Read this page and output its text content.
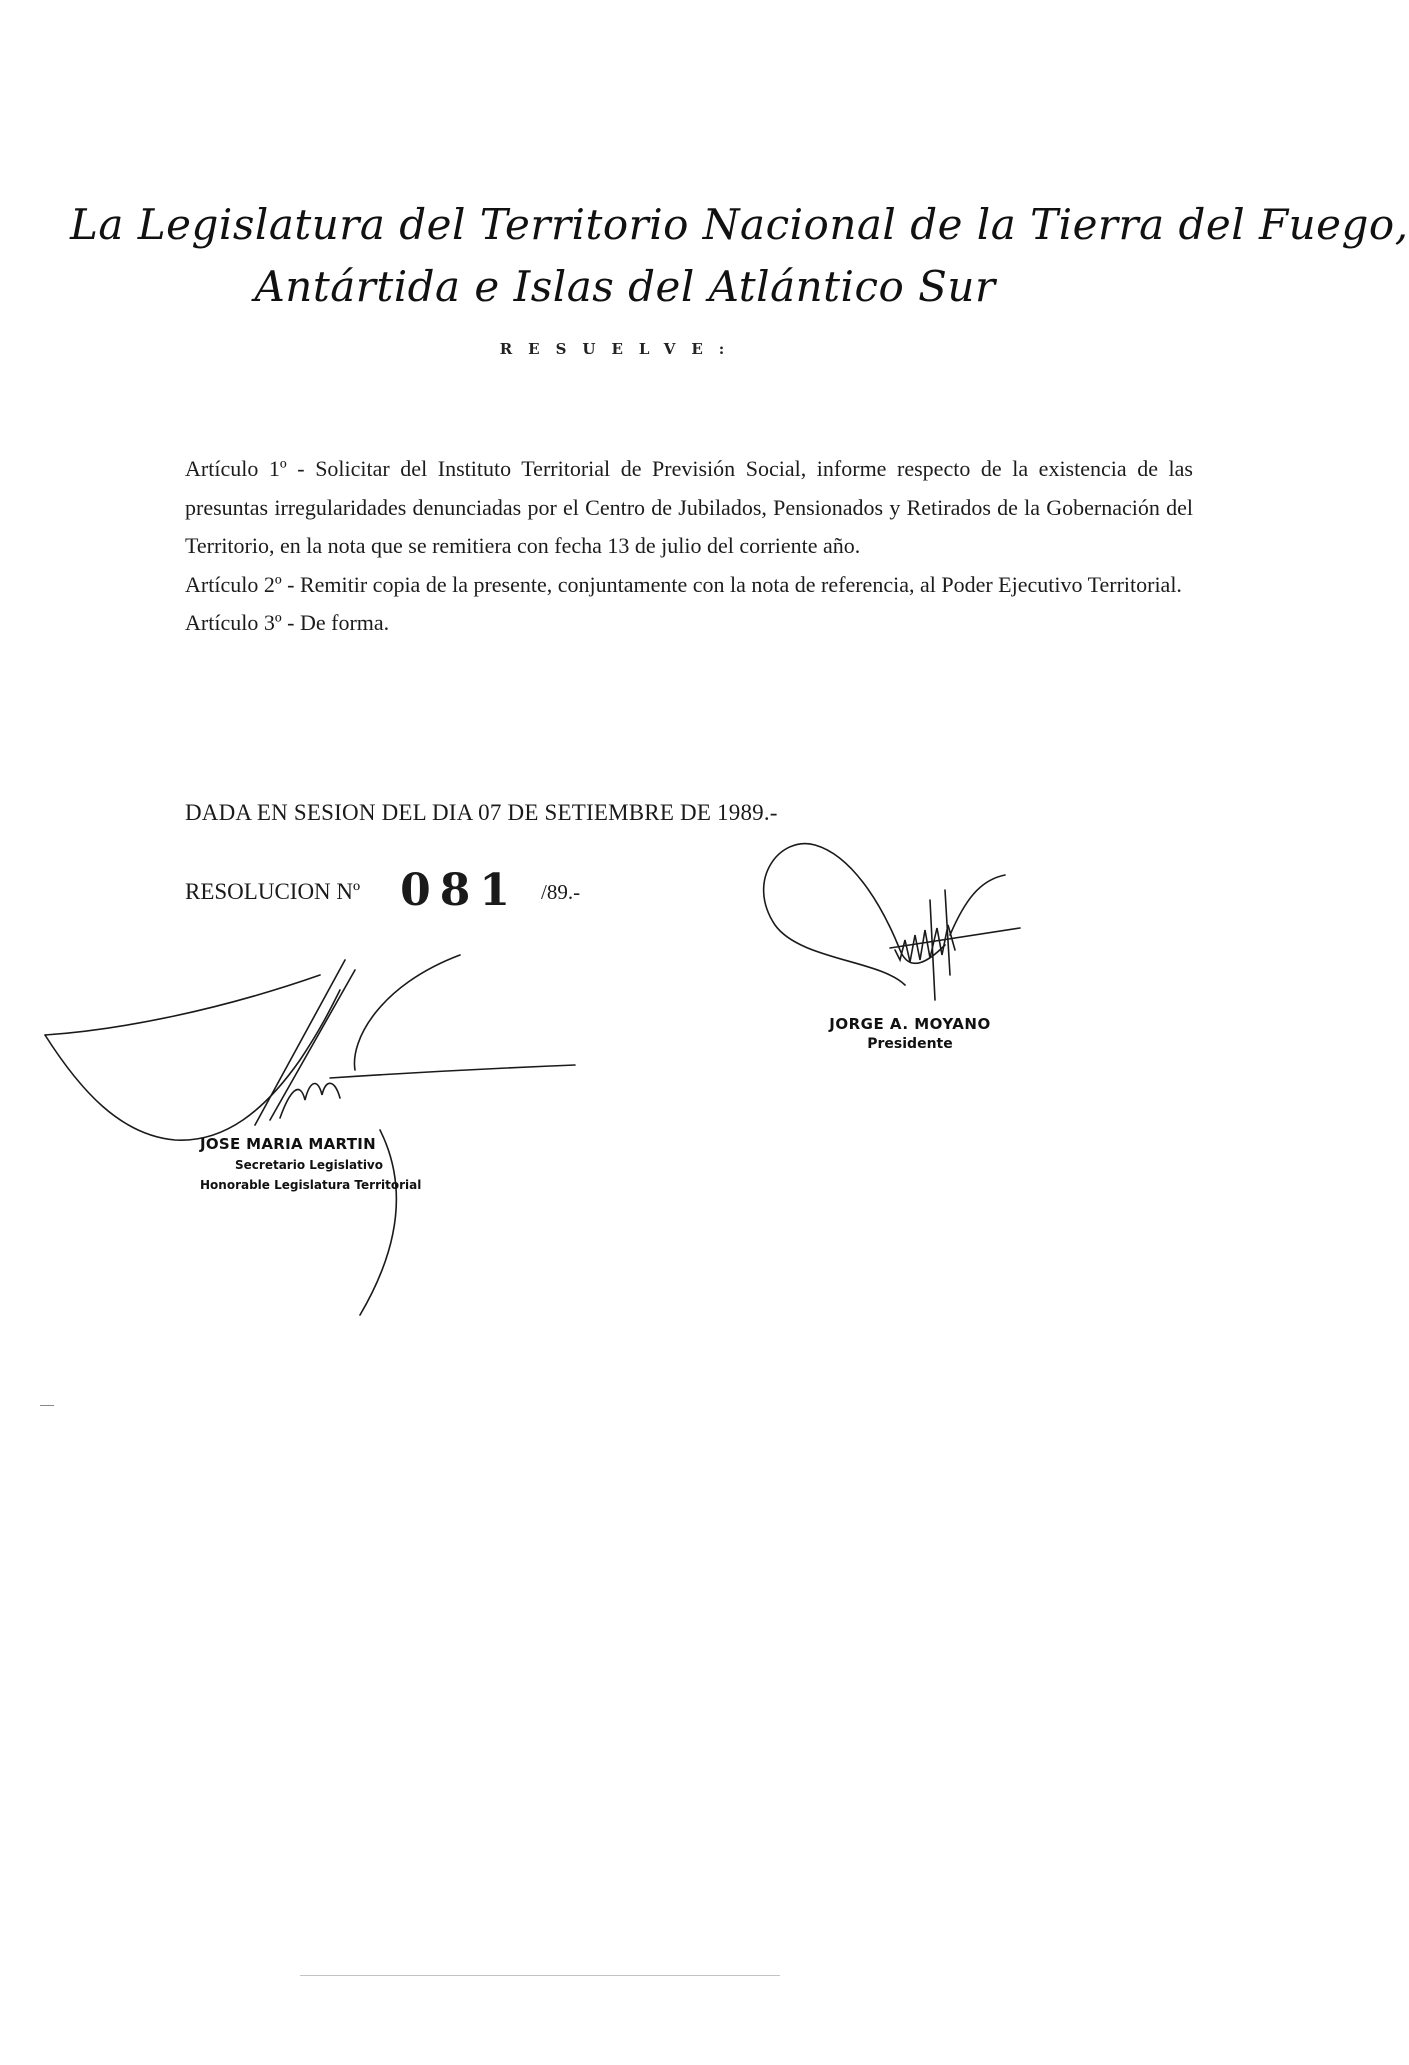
La Legislatura del Territorio Nacional de la Tierra del Fuego,
Antártida e Islas del Atlántico Sur
RESUELVE:

Artículo 1º - Solicitar del Instituto Territorial de Previsión Social, informe respecto de la existencia de las presuntas irregularidades denunciadas por el Centro de Jubilados, Pensionados y Retirados de la Gobernación del Territorio, en la nota que se remitiera con fecha 13 de julio del corriente año.

Artículo 2º - Remitir copia de la presente, conjuntamente con la nota de referencia, al Poder Ejecutivo Territorial.

Artículo 3º - De forma.

DADA EN SESION DEL DIA 07 DE SETIEMBRE DE 1989.-
RESOLUCION Nº 081 /89.-
JORGE A. MOYANO
Presidente
JOSE MARIA MARTIN
Secretario Legislativo
Honorable Legislatura Territorial
